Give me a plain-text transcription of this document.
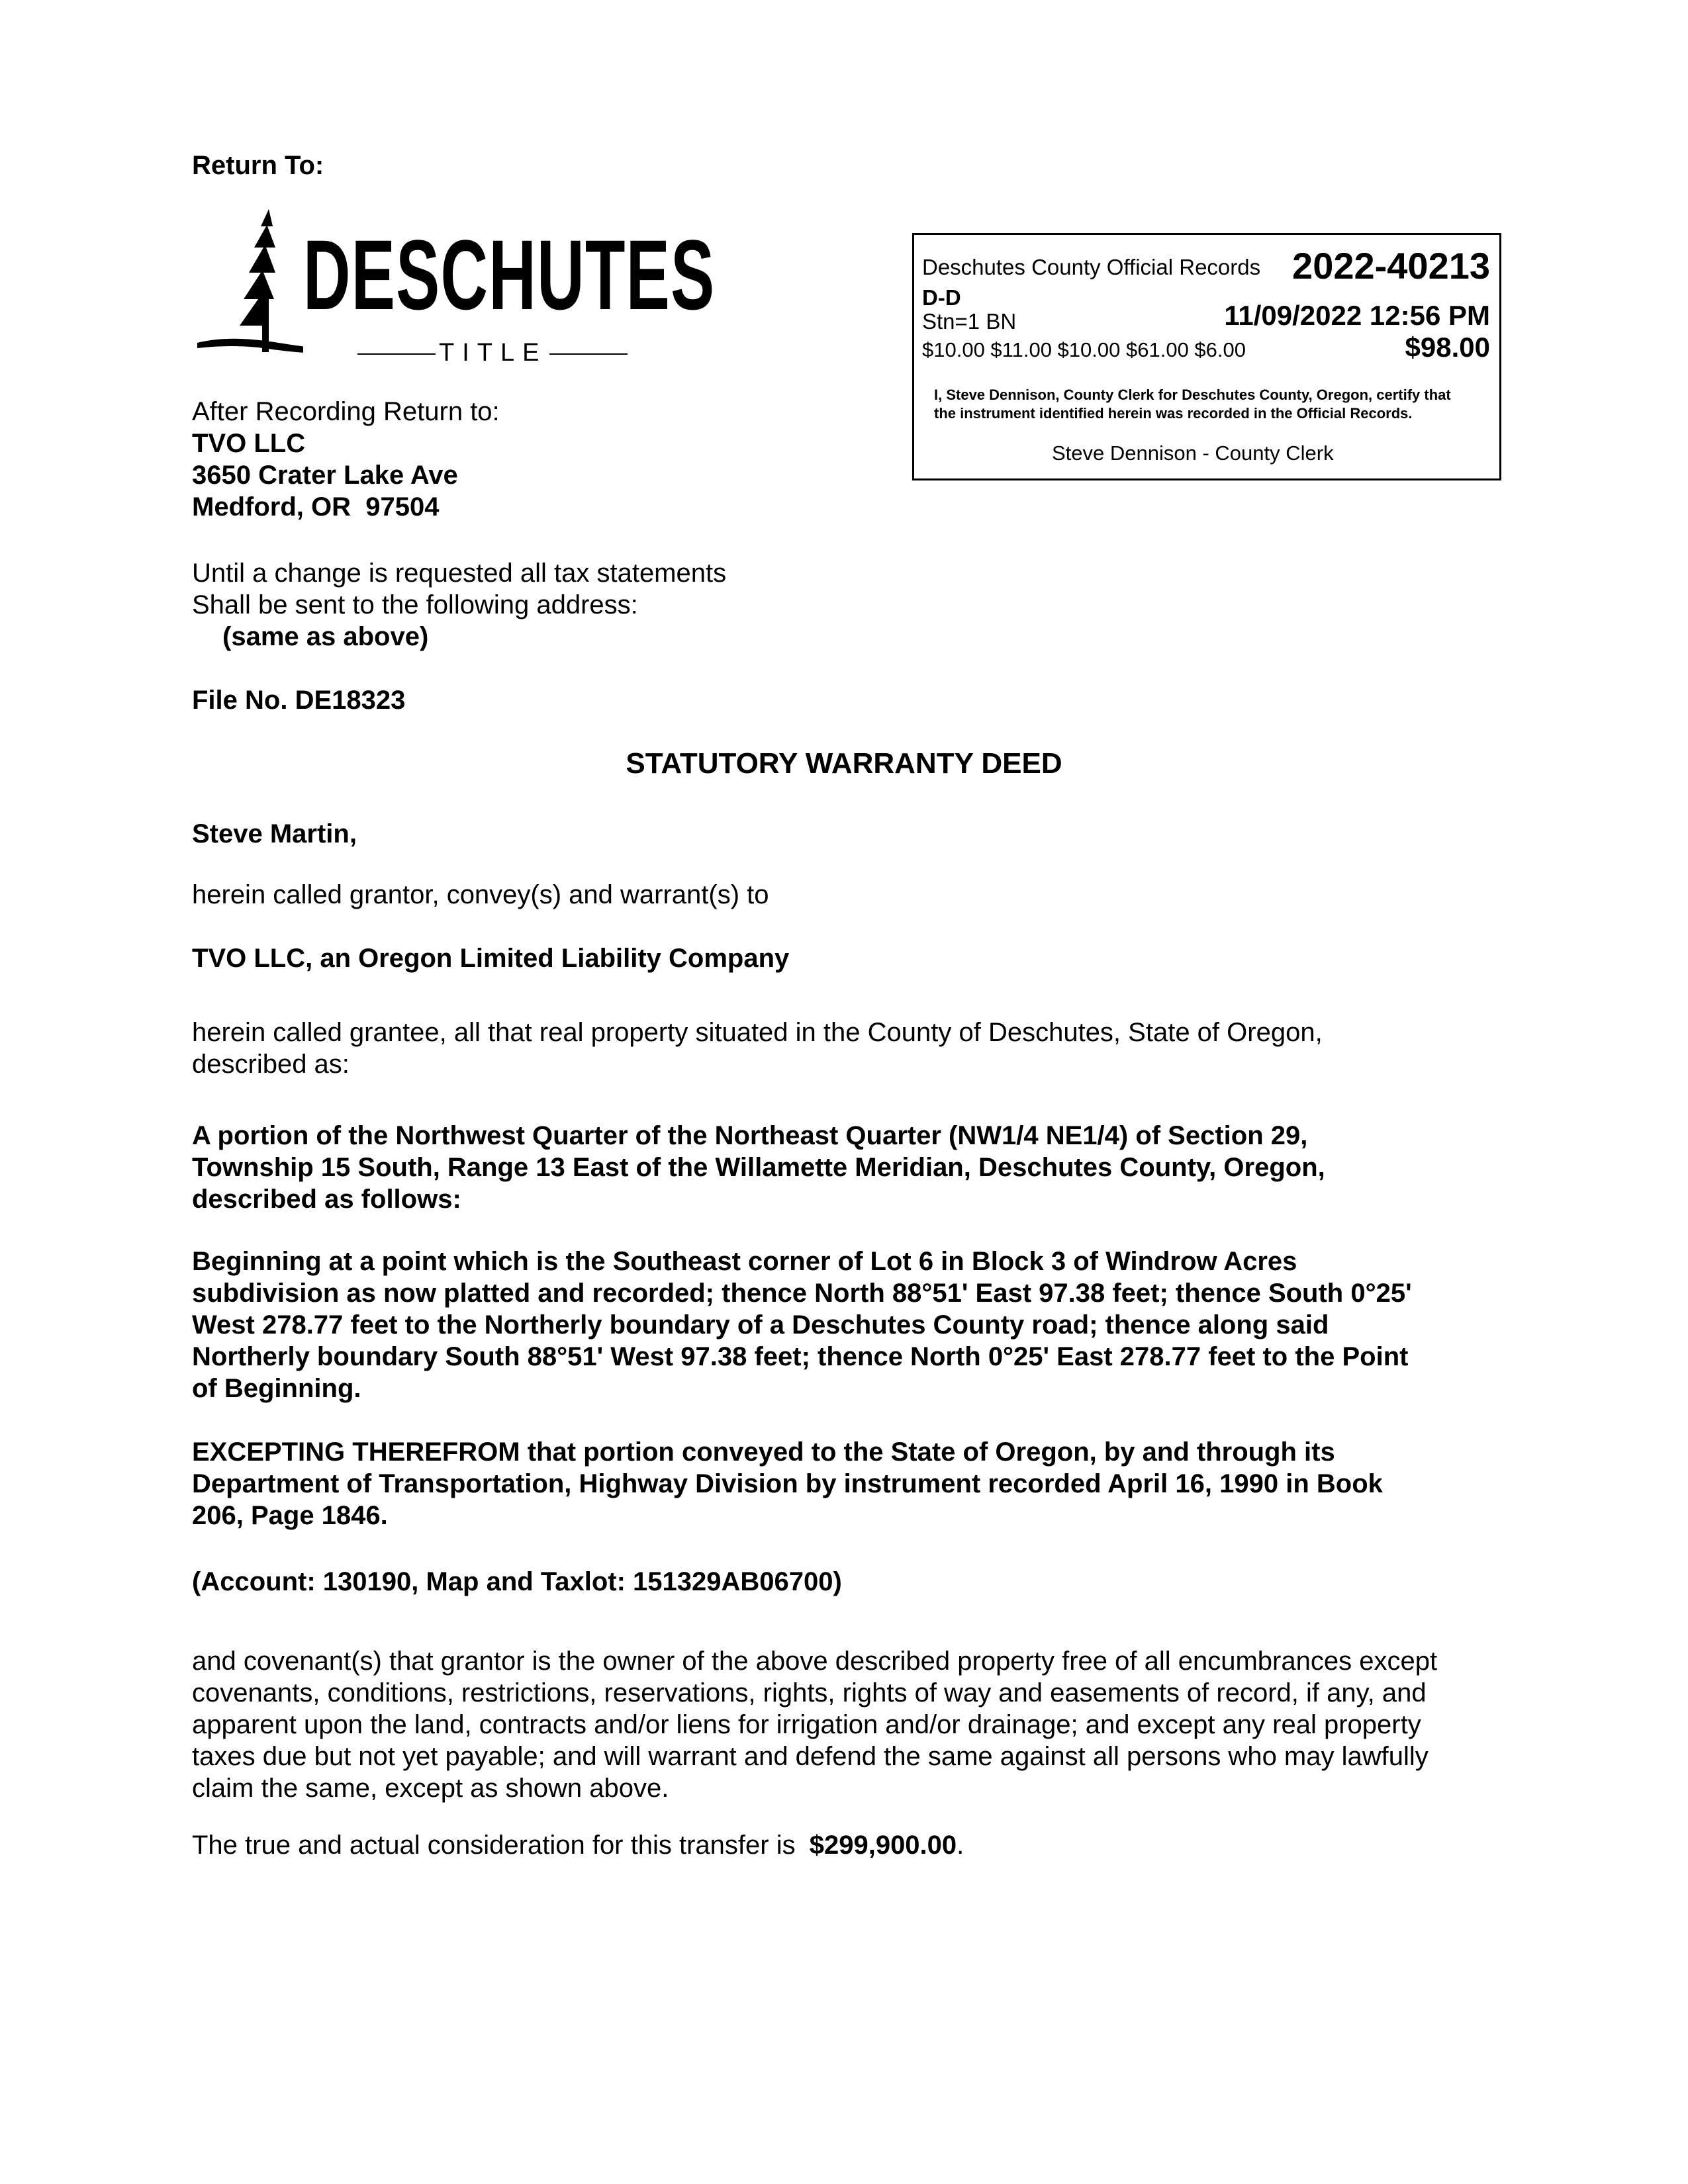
Return To:
DESCHUTES
TITLE
Deschutes County Official Records 2022-40213
D-D
Stn=1 BN	11/09/2022 12:56 PM
$10.00 $11.00 $10.00 $61.00 $6.00	$98.00
I, Steve Dennison, County Clerk for Deschutes County, Oregon, certify that the instrument identified herein was recorded in the Official Records.
Steve Dennison - County Clerk
After Recording Return to:
TVO LLC
3650 Crater Lake Ave
Medford, OR  97504
Until a change is requested all tax statements
Shall be sent to the following address:
(same as above)
File No. DE18323
STATUTORY WARRANTY DEED
Steve Martin,
herein called grantor, convey(s) and warrant(s) to
TVO LLC, an Oregon Limited Liability Company
herein called grantee, all that real property situated in the County of Deschutes, State of Oregon,
described as:
A portion of the Northwest Quarter of the Northeast Quarter (NW1/4 NE1/4) of Section 29,
Township 15 South, Range 13 East of the Willamette Meridian, Deschutes County, Oregon,
described as follows:
Beginning at a point which is the Southeast corner of Lot 6 in Block 3 of Windrow Acres
subdivision as now platted and recorded; thence North 88°51' East 97.38 feet; thence South 0°25'
West 278.77 feet to the Northerly boundary of a Deschutes County road; thence along said
Northerly boundary South 88°51' West 97.38 feet; thence North 0°25' East 278.77 feet to the Point
of Beginning.
EXCEPTING THEREFROM that portion conveyed to the State of Oregon, by and through its
Department of Transportation, Highway Division by instrument recorded April 16, 1990 in Book
206, Page 1846.
(Account: 130190, Map and Taxlot: 151329AB06700)
and covenant(s) that grantor is the owner of the above described property free of all encumbrances except
covenants, conditions, restrictions, reservations, rights, rights of way and easements of record, if any, and
apparent upon the land, contracts and/or liens for irrigation and/or drainage; and except any real property
taxes due but not yet payable; and will warrant and defend the same against all persons who may lawfully
claim the same, except as shown above.
The true and actual consideration for this transfer is $299,900.00.
